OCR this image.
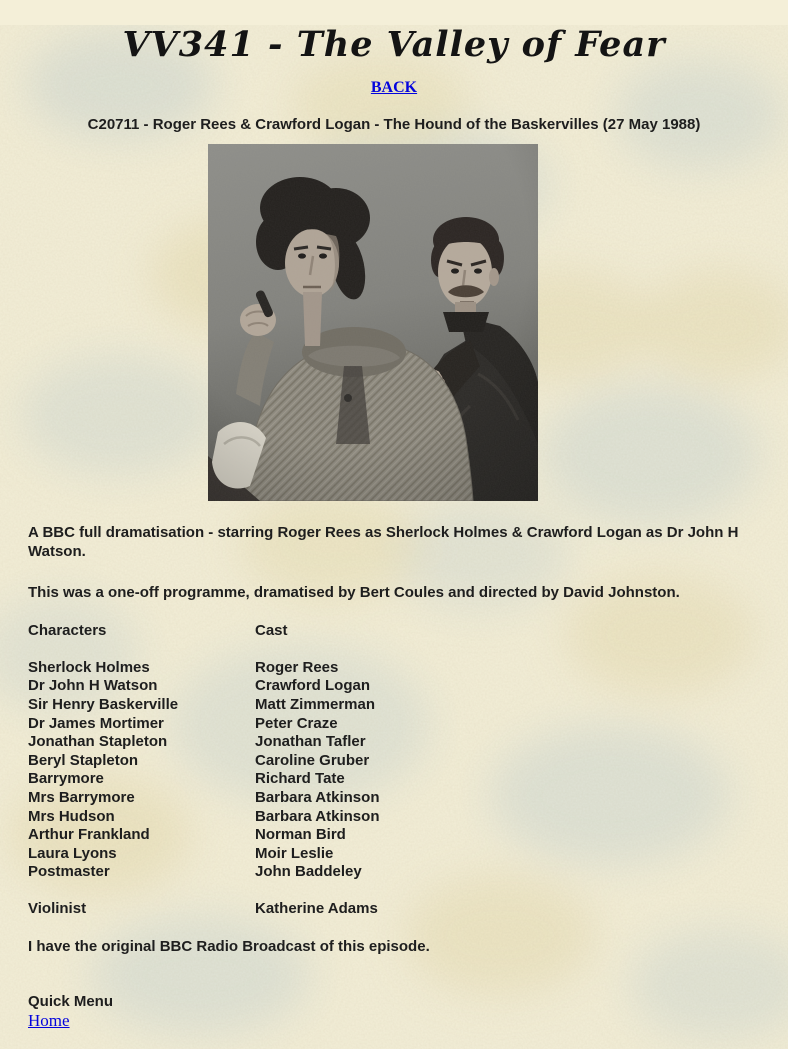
VV341 - The Valley of Fear

BACK

C20711 - Roger Rees & Crawford Logan - The Hound of the Baskervilles (27 May 1988)

A BBC full dramatisation - starring Roger Rees as Sherlock Holmes & Crawford Logan as Dr John H Watson.

This was a one-off programme, dramatised by Bert Coules and directed by David Johnston.

Characters	Cast

Sherlock Holmes	Roger Rees
Dr John H Watson	Crawford Logan
Sir Henry Baskerville	Matt Zimmerman
Dr James Mortimer	Peter Craze
Jonathan Stapleton	Jonathan Tafler
Beryl Stapleton	Caroline Gruber
Barrymore	Richard Tate
Mrs Barrymore	Barbara Atkinson
Mrs Hudson	Barbara Atkinson
Arthur Frankland	Norman Bird
Laura Lyons	Moir Leslie
Postmaster	John Baddeley

Violinist	Katherine Adams

I have the original BBC Radio Broadcast of this episode.

Quick Menu

Home
